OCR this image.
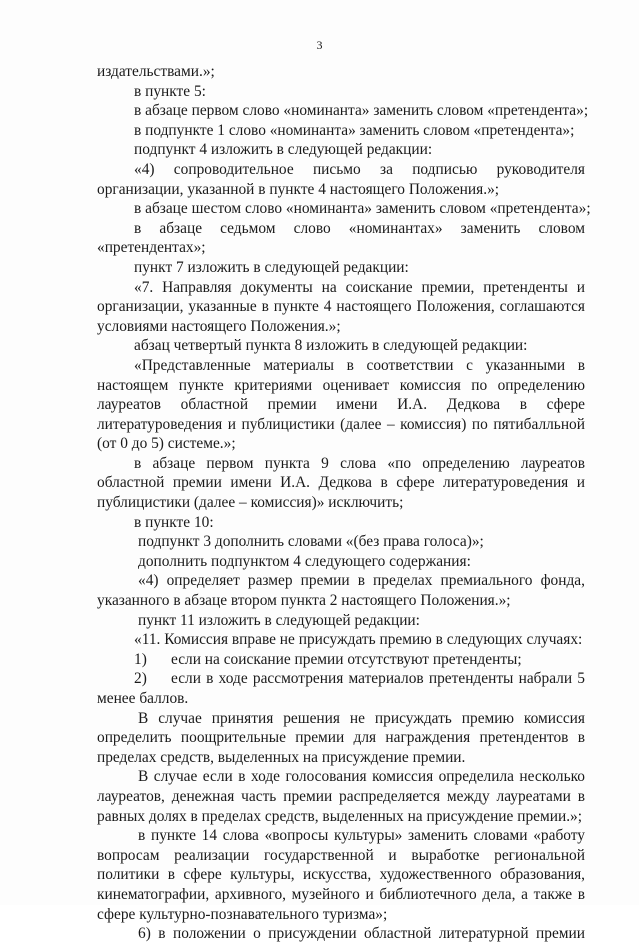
3
издательствами.»;
в пункте 5:
в абзаце первом слово «номинанта» заменить словом «претендента»;
в подпункте 1 слово «номинанта» заменить словом «претендента»;
подпункт 4 изложить в следующей редакции:
«4) сопроводительное письмо за подписью руководителя
организации, указанной в пункте 4 настоящего Положения.»;
в абзаце шестом слово «номинанта» заменить словом «претендента»;
в абзаце седьмом слово «номинантах» заменить словом
«претендентах»;
пункт 7 изложить в следующей редакции:
«7. Направляя документы на соискание премии, претенденты и
организации, указанные в пункте 4 настоящего Положения, соглашаются
условиями настоящего Положения.»;
абзац четвертый пункта 8 изложить в следующей редакции:
«Представленные материалы в соответствии с указанными в
настоящем пункте критериями оценивает комиссия по определению
лауреатов областной премии имени И.А. Дедкова в сфере
литературоведения и публицистики (далее – комиссия) по пятибалльной
(от 0 до 5) системе.»;
в абзаце первом пункта 9 слова «по определению лауреатов
областной премии имени И.А. Дедкова в сфере литературоведения и
публицистики (далее – комиссия)» исключить;
в пункте 10:
подпункт 3 дополнить словами «(без права голоса)»;
дополнить подпунктом 4 следующего содержания:
«4) определяет размер премии в пределах премиального фонда,
указанного в абзаце втором пункта 2 настоящего Положения.»;
пункт 11 изложить в следующей редакции:
«11. Комиссия вправе не присуждать премию в следующих случаях:
1) если на соискание премии отсутствуют претенденты;
2) если в ходе рассмотрения материалов претенденты набрали 5
менее баллов.
В случае принятия решения не присуждать премию комиссия
определить поощрительные премии для награждения претендентов в
пределах средств, выделенных на присуждение премии.
В случае если в ходе голосования комиссия определила несколько
лауреатов, денежная часть премии распределяется между лауреатами в
равных долях в пределах средств, выделенных на присуждение премии.»;
в пункте 14 слова «вопросы культуры» заменить словами «работу
вопросам реализации государственной и выработке региональной
политики в сфере культуры, искусства, художественного образования,
кинематографии, архивного, музейного и библиотечного дела, а также в
сфере культурно-познавательного туризма»;
6) в положении о присуждении областной литературной премии
